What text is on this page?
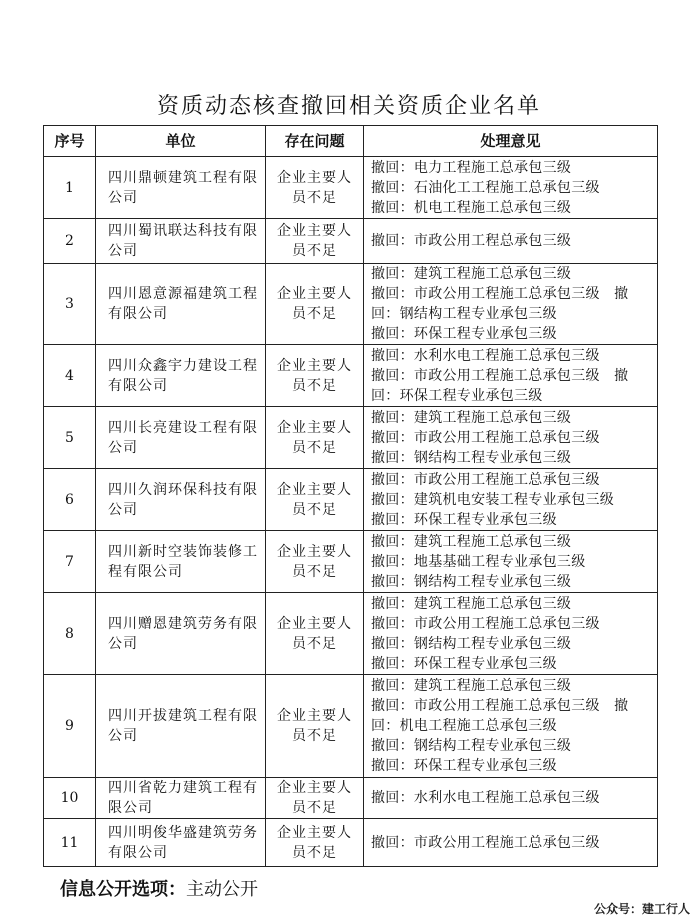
资质动态核查撤回相关资质企业名单
序号	单位	存在问题	处理意见
1	四川鼎顿建筑工程有限公司	企业主要人员不足	撤回：电力工程施工总承包三级
撤回：石油化工工程施工总承包三级
撤回：机电工程施工总承包三级

2	四川蜀讯联达科技有限公司	企业主要人员不足	撤回：市政公用工程总承包三级

3	四川恩意源福建筑工程有限公司	企业主要人员不足	撤回：建筑工程施工总承包三级
撤回：市政公用工程施工总承包三级　撤
回：钢结构工程专业承包三级
撤回：环保工程专业承包三级

4	四川众鑫宇力建设工程有限公司	企业主要人员不足	撤回：水利水电工程施工总承包三级
撤回：市政公用工程施工总承包三级　撤
回：环保工程专业承包三级

5	四川长亮建设工程有限公司	企业主要人员不足	撤回：建筑工程施工总承包三级
撤回：市政公用工程施工总承包三级
撤回：钢结构工程专业承包三级

6	四川久润环保科技有限公司	企业主要人员不足	撤回：市政公用工程施工总承包三级
撤回：建筑机电安装工程专业承包三级
撤回：环保工程专业承包三级

7	四川新时空装饰装修工程有限公司	企业主要人员不足	撤回：建筑工程施工总承包三级
撤回：地基基础工程专业承包三级
撤回：钢结构工程专业承包三级

8	四川赠恩建筑劳务有限公司	企业主要人员不足	撤回：建筑工程施工总承包三级
撤回：市政公用工程施工总承包三级
撤回：钢结构工程专业承包三级
撤回：环保工程专业承包三级

9	四川开拔建筑工程有限公司	企业主要人员不足	撤回：建筑工程施工总承包三级
撤回：市政公用工程施工总承包三级　撤
回：机电工程施工总承包三级
撤回：钢结构工程专业承包三级
撤回：环保工程专业承包三级

10	四川省乾力建筑工程有限公司	企业主要人员不足	撤回：水利水电工程施工总承包三级

11	四川明俊华盛建筑劳务有限公司	企业主要人员不足	撤回：市政公用工程施工总承包三级
信息公开选项：主动公开
公众号：建工行人
